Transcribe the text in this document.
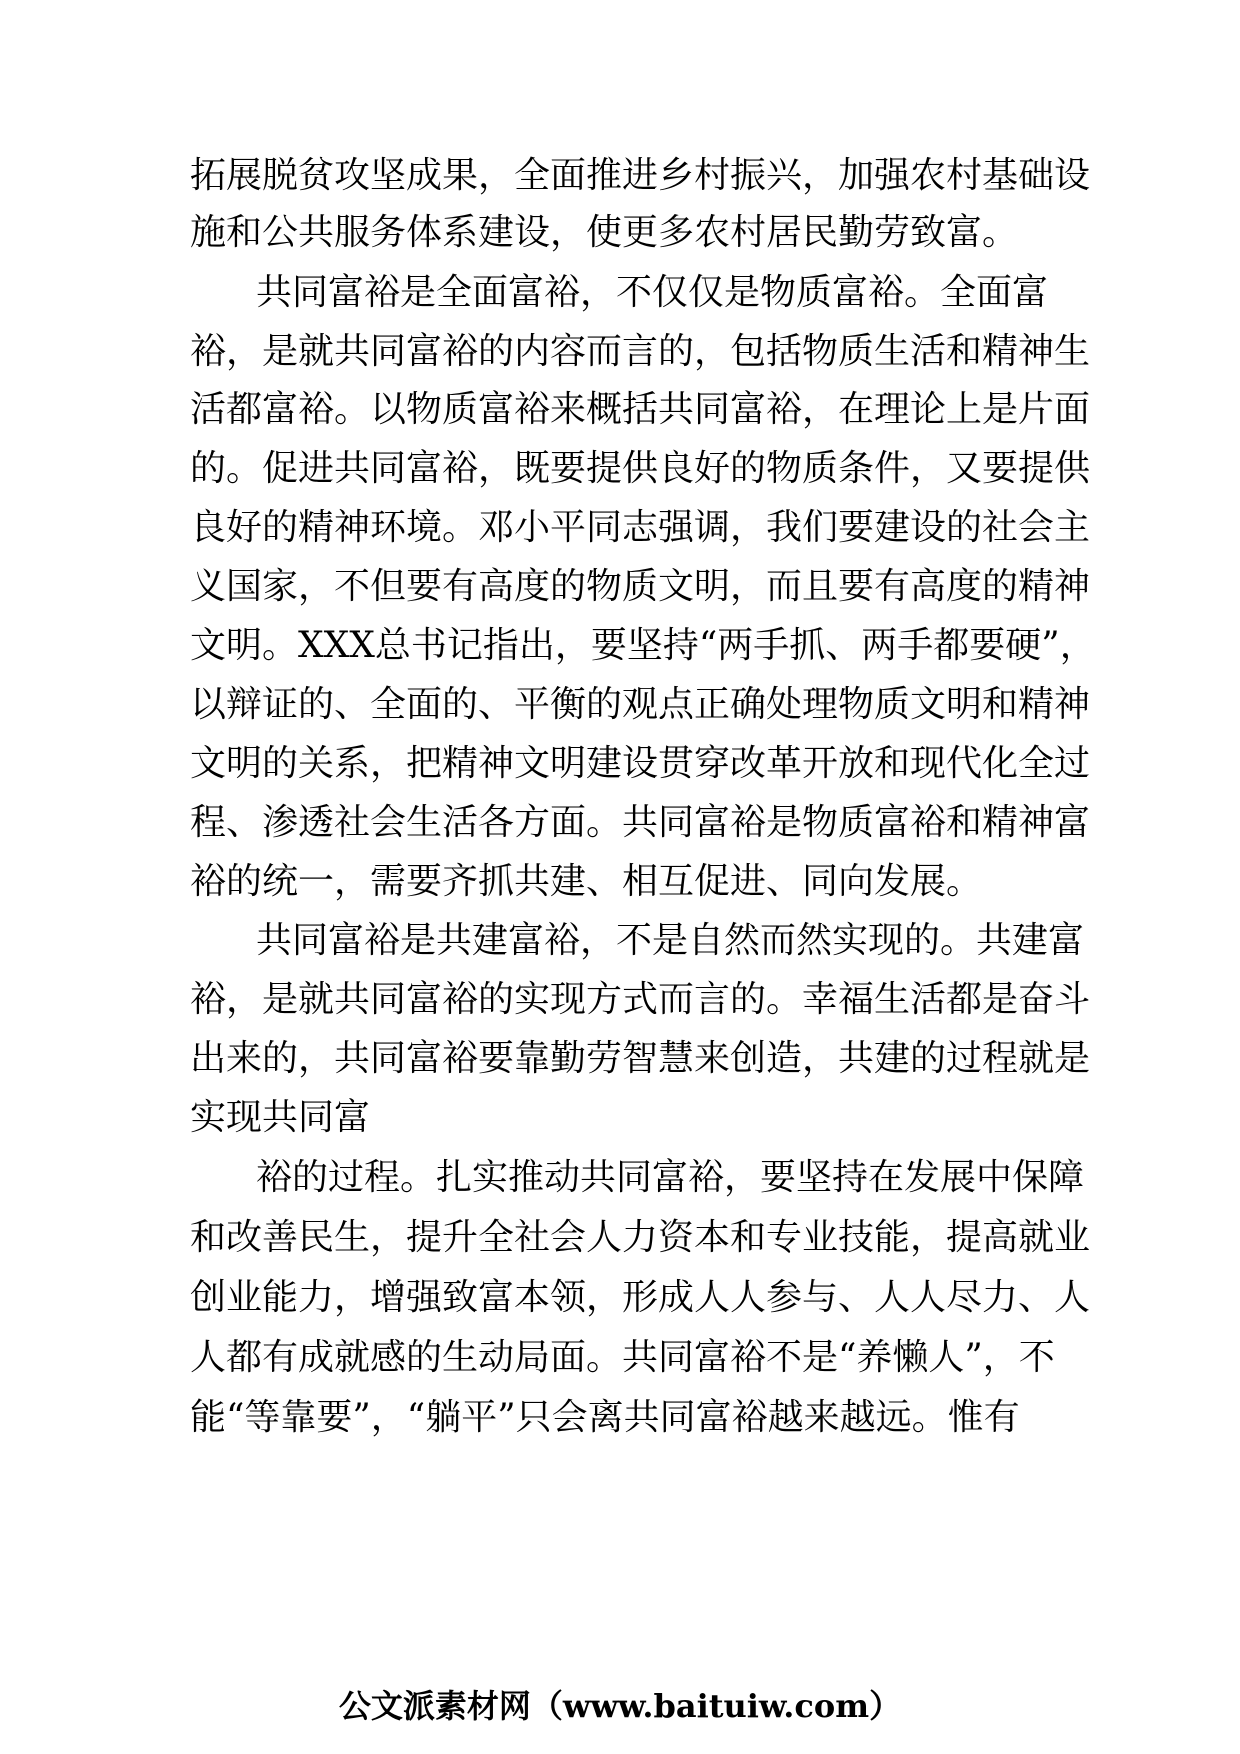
拓展脱贫攻坚成果，全面推进乡村振兴，加强农村基础设
施和公共服务体系建设，使更多农村居民勤劳致富。
共同富裕是全面富裕，不仅仅是物质富裕。全面富
裕，是就共同富裕的内容而言的，包括物质生活和精神生
活都富裕。以物质富裕来概括共同富裕，在理论上是片面
的。促进共同富裕，既要提供良好的物质条件，又要提供
良好的精神环境。邓小平同志强调，我们要建设的社会主
义国家，不但要有高度的物质文明，而且要有高度的精神
文明。XXX总书记指出，要坚持“两手抓、两手都要硬”，
以辩证的、全面的、平衡的观点正确处理物质文明和精神
文明的关系，把精神文明建设贯穿改革开放和现代化全过
程、渗透社会生活各方面。共同富裕是物质富裕和精神富
裕的统一，需要齐抓共建、相互促进、同向发展。
共同富裕是共建富裕，不是自然而然实现的。共建富
裕，是就共同富裕的实现方式而言的。幸福生活都是奋斗
出来的，共同富裕要靠勤劳智慧来创造，共建的过程就是
实现共同富
裕的过程。扎实推动共同富裕，要坚持在发展中保障
和改善民生，提升全社会人力资本和专业技能，提高就业
创业能力，增强致富本领，形成人人参与、人人尽力、人
人都有成就感的生动局面。共同富裕不是“养懒人”，不
能“等靠要”，“躺平”只会离共同富裕越来越远。惟有
公文派素材网（www.baituiw.com）
